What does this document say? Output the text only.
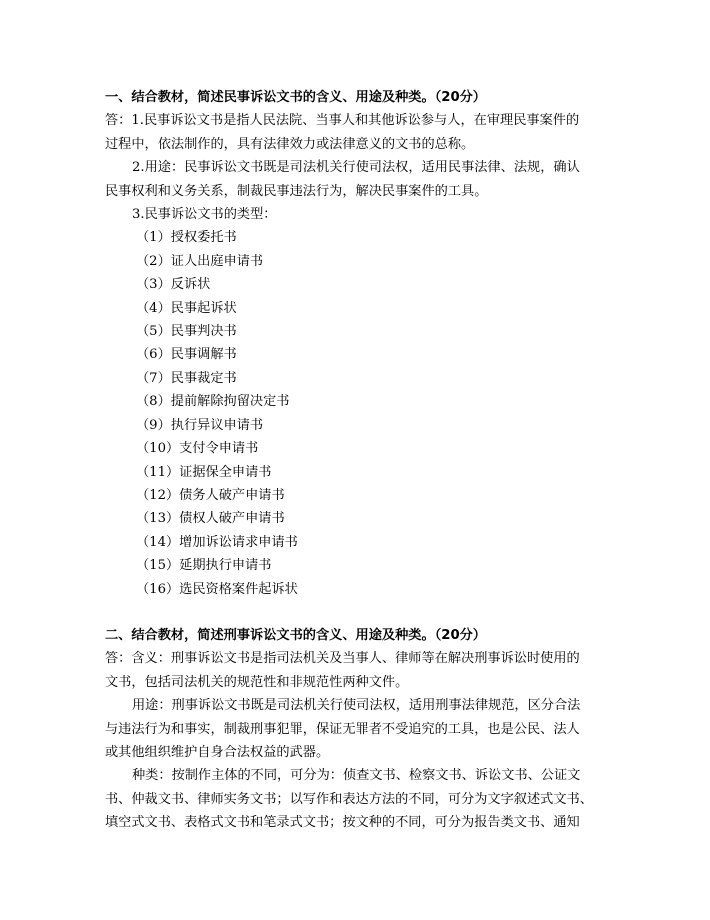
一、结合教材，简述民事诉讼文书的含义、用途及种类。（20分）

答：1.民事诉讼文书是指人民法院、当事人和其他诉讼参与人，在审理民事案件的

过程中，依法制作的，具有法律效力或法律意义的文书的总称。

2.用途：民事诉讼文书既是司法机关行使司法权，适用民事法律、法规，确认

民事权利和义务关系，制裁民事违法行为，解决民事案件的工具。

3.民事诉讼文书的类型：

（1）授权委托书
（2）证人出庭申请书
（3）反诉状
（4）民事起诉状
（5）民事判决书
（6）民事调解书
（7）民事裁定书
（8）提前解除拘留决定书
（9）执行异议申请书
（10）支付令申请书
（11）证据保全申请书
（12）债务人破产申请书
（13）债权人破产申请书
（14）增加诉讼请求申请书
（15）延期执行申请书
（16）选民资格案件起诉状

二、结合教材，简述刑事诉讼文书的含义、用途及种类。（20分）

答：含义：刑事诉讼文书是指司法机关及当事人、律师等在解决刑事诉讼时使用的

文书，包括司法机关的规范性和非规范性两种文件。

用途：刑事诉讼文书既是司法机关行使司法权，适用刑事法律规范，区分合法

与违法行为和事实，制裁刑事犯罪，保证无罪者不受追究的工具，也是公民、法人

或其他组织维护自身合法权益的武器。

种类：按制作主体的不同，可分为：侦查文书、检察文书、诉讼文书、公证文

书、仲裁文书、律师实务文书；以写作和表达方法的不同，可分为文字叙述式文书、

填空式文书、表格式文书和笔录式文书；按文种的不同，可分为报告类文书、通知
